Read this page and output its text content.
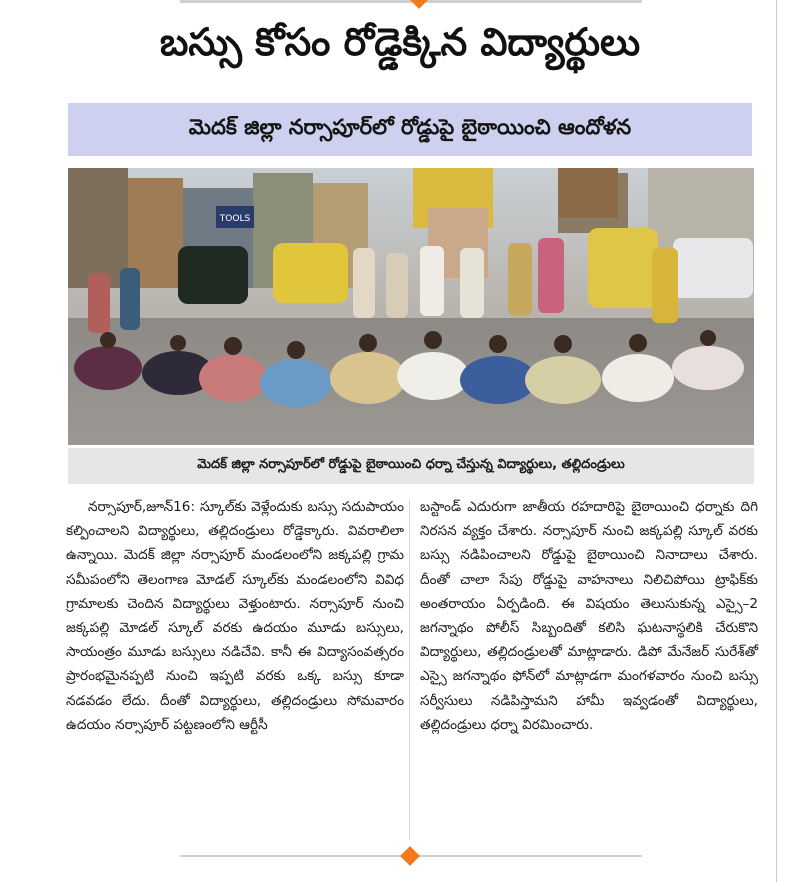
బస్సు కోసం రోడ్డెక్కిన విద్యార్థులు
మెదక్ జిల్లా నర్సాపూర్‌లో రోడ్డుపై బైఠాయించి ఆందోళన
TOOLS
మెదక్ జిల్లా నర్సాపూర్‌లో రోడ్డుపై బైఠాయించి ధర్నా చేస్తున్న విద్యార్థులు, తల్లిదండ్రులు

నర్సాపూర్,జూన్16: స్కూల్‌కు వెళ్లేందుకు బస్సు సదుపాయం కల్పించాలని విద్యార్థులు, తల్లిదండ్రులు రోడ్డెక్కారు. వివరాలిలా ఉన్నాయి. మెదక్ జిల్లా నర్సాపూర్ మండలంలోని జక్కపల్లి గ్రామ సమీపంలోని తెలంగాణ మోడల్ స్కూల్‌కు మండలంలోని వివిధ గ్రామాలకు చెందిన విద్యార్థులు వెళ్తుంటారు. నర్సాపూర్ నుంచి జక్కపల్లి మోడల్ స్కూల్ వరకు ఉదయం మూడు బస్సులు, సాయంత్రం మూడు బస్సులు నడిచేవి. కానీ ఈ విద్యాసంవత్సరం ప్రారంభమైనప్పటి నుంచి ఇప్పటి వరకు ఒక్క బస్సు కూడా నడవడం లేదు. దీంతో విద్యార్థులు, తల్లిదండ్రులు సోమవారం ఉదయం నర్సాపూర్ పట్టణంలోని ఆర్టీసీ

బస్టాండ్ ఎదురుగా జాతీయ రహదారిపై బైఠాయించి ధర్నాకు దిగి నిరసన వ్యక్తం చేశారు. నర్సాపూర్ నుంచి జక్కపల్లి స్కూల్ వరకు బస్సు నడిపించాలని రోడ్డుపై బైఠాయించి నినాదాలు చేశారు. దీంతో చాలా సేపు రోడ్డుపై వాహనాలు నిలిచిపోయి ట్రాఫిక్‌కు అంతరాయం ఏర్పడింది. ఈ విషయం తెలుసుకున్న ఎస్సై–2 జగన్నాథం పోలీస్ సిబ్బందితో కలిసి ఘటనాస్థలికి చేరుకొని విద్యార్థులు, తల్లిదండ్రులతో మాట్లాడారు. డిపో మేనేజర్ సురేశ్‌తో ఎస్సై జగన్నాథం ఫోన్‌లో మాట్లాడగా మంగళవారం నుంచి బస్సు సర్వీసులు నడిపిస్తామని హామీ ఇవ్వడంతో విద్యార్థులు, తల్లిదండ్రులు ధర్నా విరమించారు.
